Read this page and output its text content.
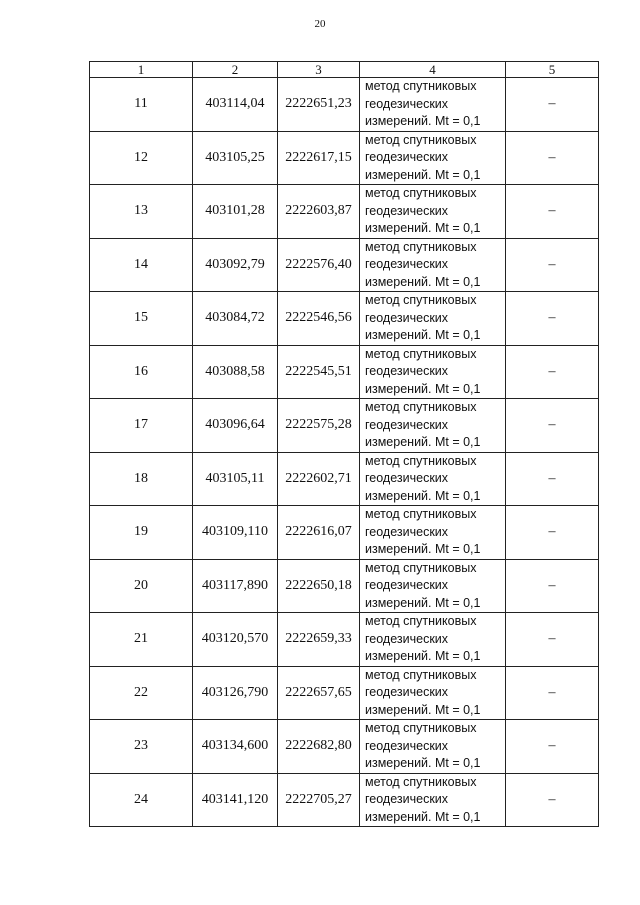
20
1	2	3	4	5
11	403114,04	2222651,23	метод спутниковых
геодезических
измерений. Mt = 0,1	–
12	403105,25	2222617,15	метод спутниковых
геодезических
измерений. Mt = 0,1	–
13	403101,28	2222603,87	метод спутниковых
геодезических
измерений. Mt = 0,1	–
14	403092,79	2222576,40	метод спутниковых
геодезических
измерений. Mt = 0,1	–
15	403084,72	2222546,56	метод спутниковых
геодезических
измерений. Mt = 0,1	–
16	403088,58	2222545,51	метод спутниковых
геодезических
измерений. Mt = 0,1	–
17	403096,64	2222575,28	метод спутниковых
геодезических
измерений. Mt = 0,1	–
18	403105,11	2222602,71	метод спутниковых
геодезических
измерений. Mt = 0,1	–
19	403109,110	2222616,07	метод спутниковых
геодезических
измерений. Mt = 0,1	–
20	403117,890	2222650,18	метод спутниковых
геодезических
измерений. Mt = 0,1	–
21	403120,570	2222659,33	метод спутниковых
геодезических
измерений. Mt = 0,1	–
22	403126,790	2222657,65	метод спутниковых
геодезических
измерений. Mt = 0,1	–
23	403134,600	2222682,80	метод спутниковых
геодезических
измерений. Mt = 0,1	–
24	403141,120	2222705,27	метод спутниковых
геодезических
измерений. Mt = 0,1	–
